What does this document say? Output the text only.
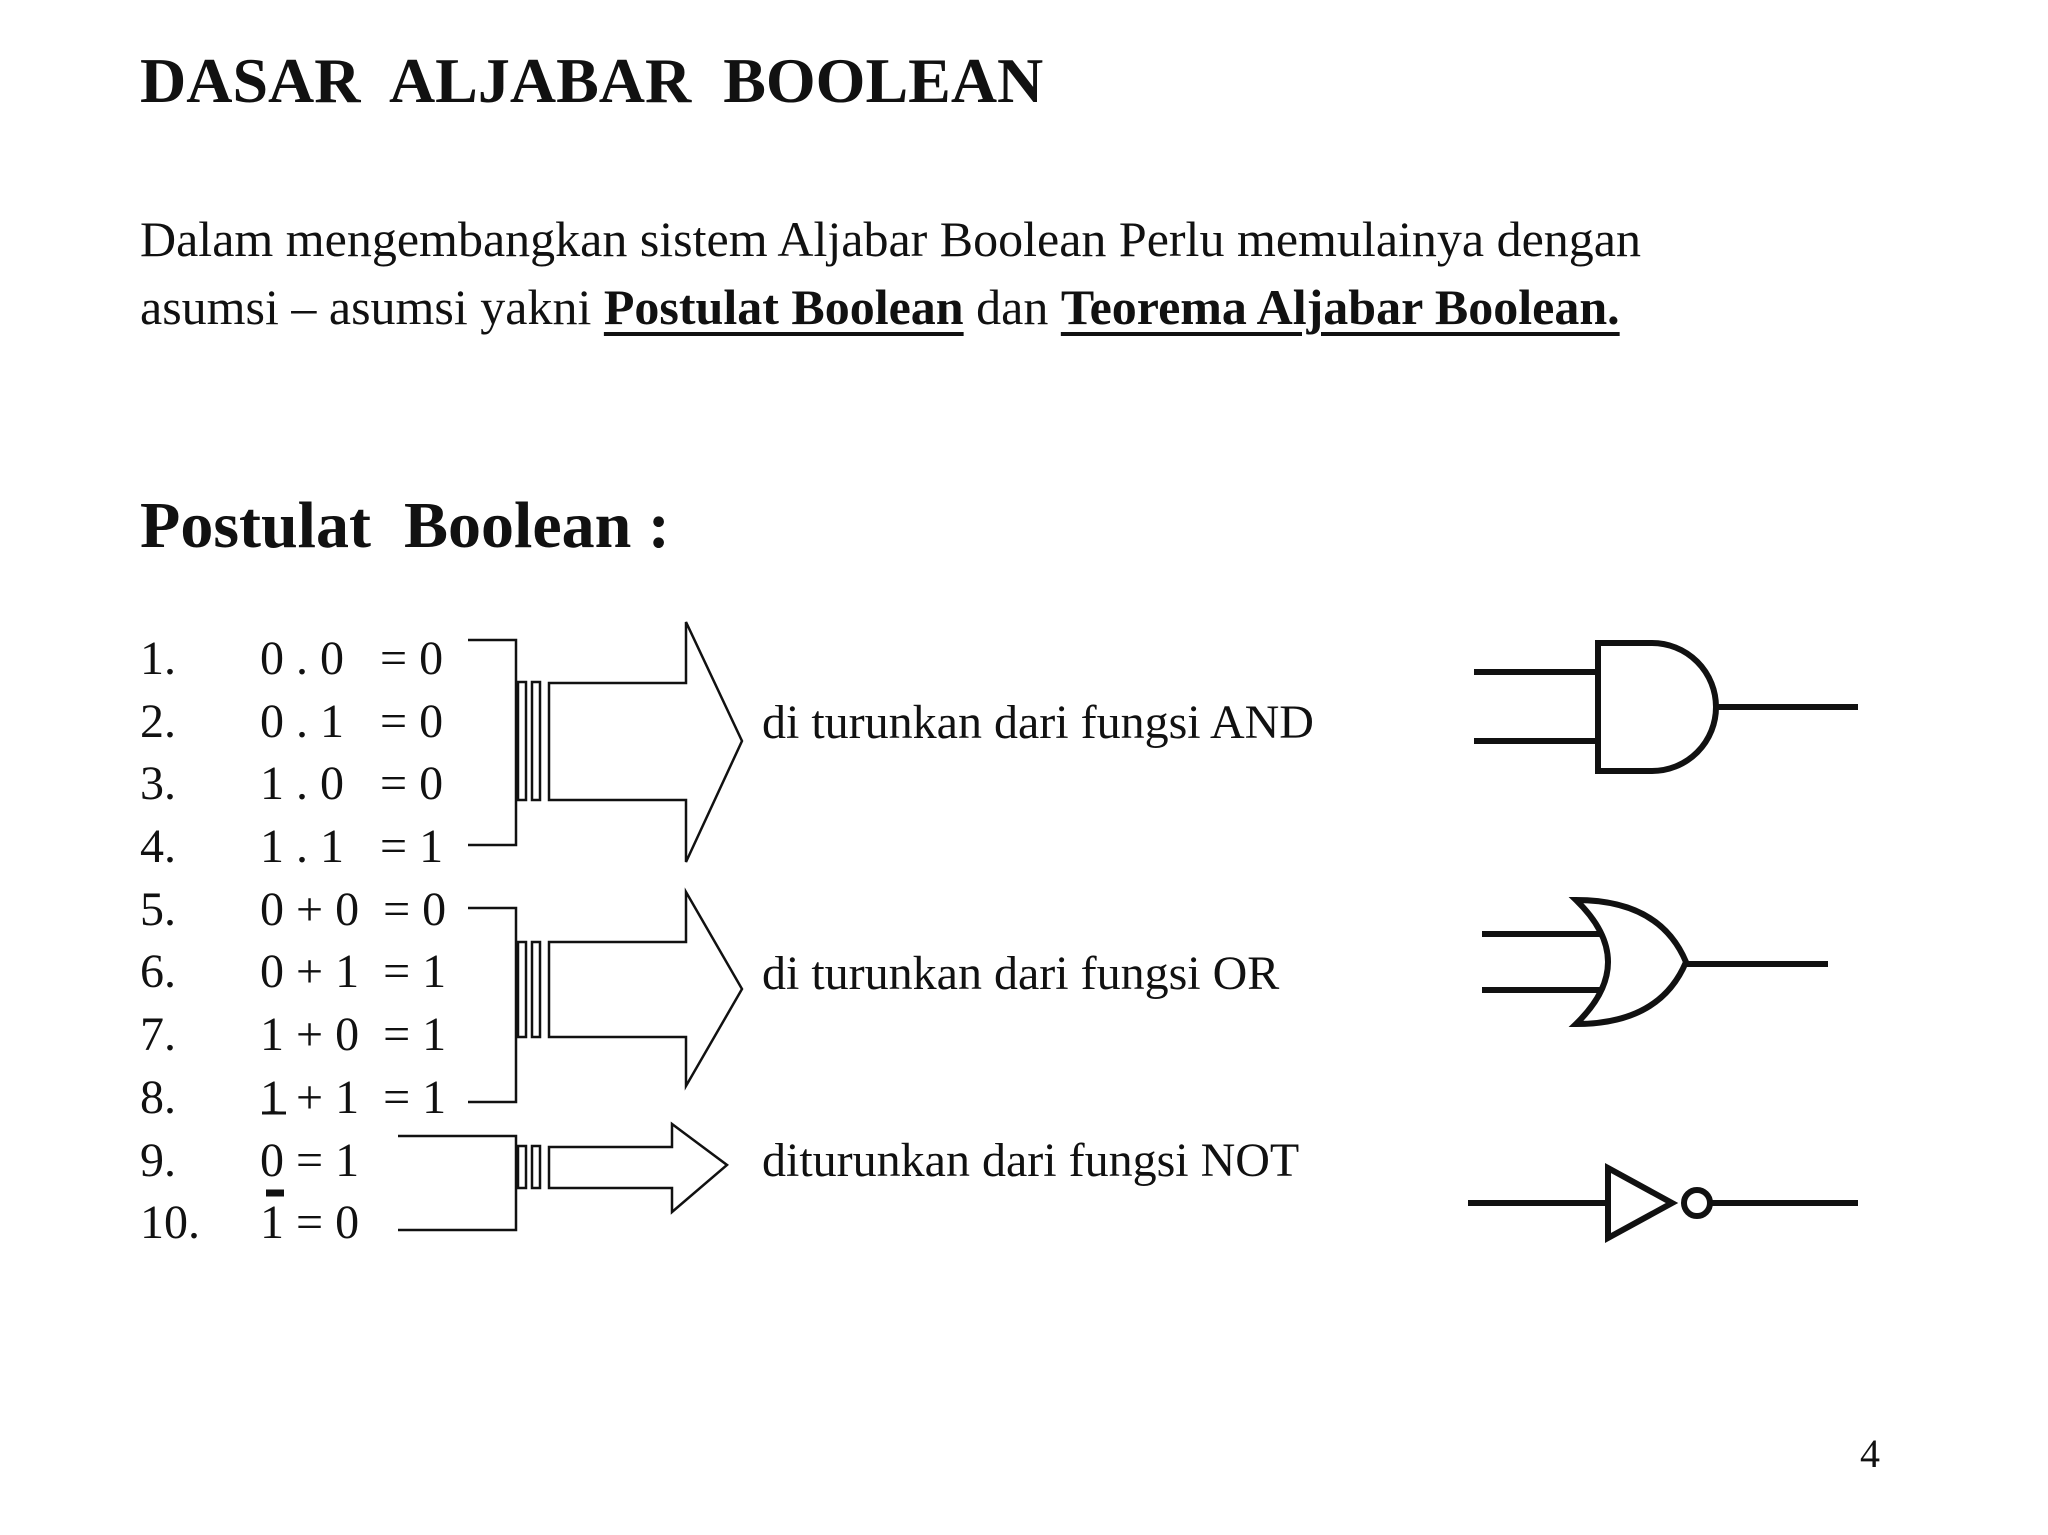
DASAR  ALJABAR  BOOLEAN

Dalam mengembangkan sistem Aljabar Boolean Perlu memulainya dengan asumsi – asumsi yakni Postulat Boolean dan Teorema Aljabar Boolean.

Postulat  Boolean :
1. 0 . 0   = 0
2. 0 . 1   = 0
3. 1 . 0   = 0
4. 1 . 1   = 1
5. 0 + 0  = 0
6. 0 + 1  = 1
7. 1 + 0  = 1
8. 1 + 1  = 1
9. 0 = 1
10. 1 = 0

di turunkan dari fungsi AND

di turunkan dari fungsi OR

diturunkan dari fungsi NOT

4
